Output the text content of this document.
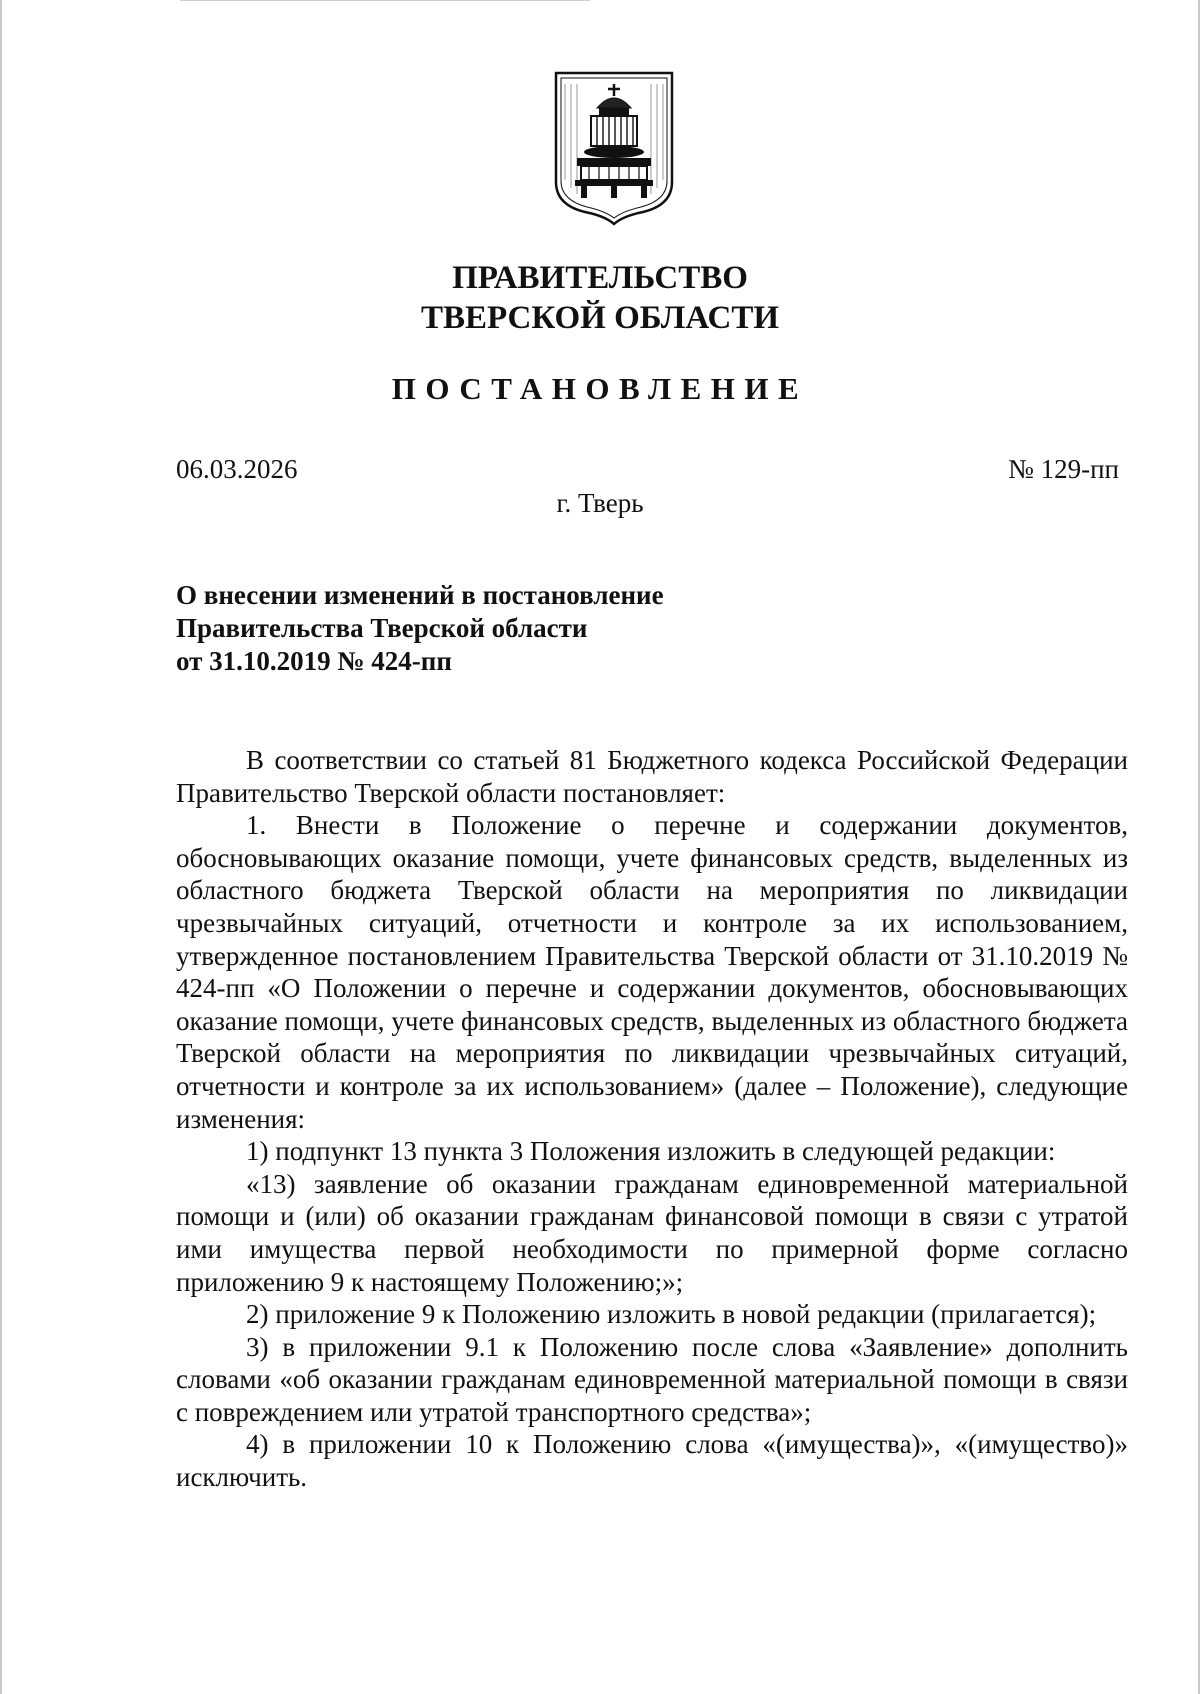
ПРАВИТЕЛЬСТВО
ТВЕРСКОЙ ОБЛАСТИ
ПОСТАНОВЛЕНИЕ
06.03.2026	№ 129-пп
г. Тверь
О внесении изменений в постановление
Правительства Тверской области
от 31.10.2019 № 424-пп

В соответствии со статьей 81 Бюджетного кодекса Российской Федерации Правительство Тверской области постановляет:

1. Внести в Положение о перечне и содержании документов, обосновывающих оказание помощи, учете финансовых средств, выделенных из областного бюджета Тверской области на мероприятия по ликвидации чрезвычайных ситуаций, отчетности и контроле за их использованием, утвержденное постановлением Правительства Тверской области от 31.10.2019 № 424-пп «О Положении о перечне и содержании документов, обосновывающих оказание помощи, учете финансовых средств, выделенных из областного бюджета Тверской области на мероприятия по ликвидации чрезвычайных ситуаций, отчетности и контроле за их использованием» (далее – Положение), следующие изменения:

1) подпункт 13 пункта 3 Положения изложить в следующей редакции:

«13) заявление об оказании гражданам единовременной материальной помощи и (или) об оказании гражданам финансовой помощи в связи с утратой ими имущества первой необходимости по примерной форме согласно приложению 9 к настоящему Положению;»;

2) приложение 9 к Положению изложить в новой редакции (прилагается);

3) в приложении 9.1 к Положению после слова «Заявление» дополнить словами «об оказании гражданам единовременной материальной помощи в связи с повреждением или утратой транспортного средства»;

4) в приложении 10 к Положению слова «(имущества)», «(имущество)» исключить.
